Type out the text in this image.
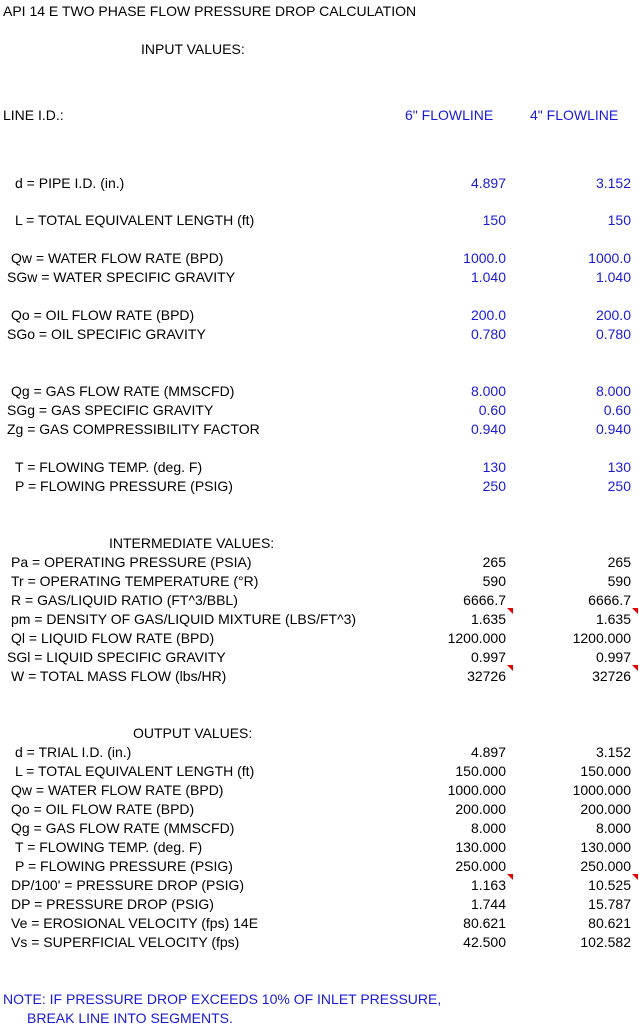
API 14 E TWO PHASE FLOW PRESSURE DROP CALCULATION
INPUT VALUES:
LINE I.D.:	6" FLOWLINE	4" FLOWLINE
d = PIPE I.D. (in.)	4.897	3.152
L = TOTAL EQUIVALENT LENGTH (ft)	150	150
Qw = WATER FLOW RATE (BPD)	1000.0	1000.0
SGw = WATER SPECIFIC GRAVITY	1.040	1.040
Qo = OIL FLOW RATE (BPD)	200.0	200.0
SGo = OIL SPECIFIC GRAVITY	0.780	0.780
Qg = GAS FLOW RATE (MMSCFD)	8.000	8.000
SGg = GAS SPECIFIC GRAVITY	0.60	0.60
Zg = GAS COMPRESSIBILITY FACTOR	0.940	0.940
T = FLOWING TEMP. (deg. F)	130	130
P = FLOWING PRESSURE (PSIG)	250	250
INTERMEDIATE VALUES:
Pa = OPERATING PRESSURE (PSIA)	265	265
Tr = OPERATING TEMPERATURE (°R)	590	590
R = GAS/LIQUID RATIO (FT^3/BBL)	6666.7	6666.7
pm = DENSITY OF GAS/LIQUID MIXTURE (LBS/FT^3)	1.635	1.635
Ql = LIQUID FLOW RATE (BPD)	1200.000	1200.000
SGl = LIQUID SPECIFIC GRAVITY	0.997	0.997
W = TOTAL MASS FLOW (lbs/HR)	32726	32726
OUTPUT VALUES:
d = TRIAL I.D. (in.)	4.897	3.152
L = TOTAL EQUIVALENT LENGTH (ft)	150.000	150.000
Qw = WATER FLOW RATE (BPD)	1000.000	1000.000
Qo = OIL FLOW RATE (BPD)	200.000	200.000
Qg = GAS FLOW RATE (MMSCFD)	8.000	8.000
T = FLOWING TEMP. (deg. F)	130.000	130.000
P = FLOWING PRESSURE (PSIG)	250.000	250.000
DP/100' = PRESSURE DROP (PSIG)	1.163	10.525
DP = PRESSURE DROP (PSIG)	1.744	15.787
Ve = EROSIONAL VELOCITY (fps) 14E	80.621	80.621
Vs = SUPERFICIAL VELOCITY (fps)	42.500	102.582
NOTE: IF PRESSURE DROP EXCEEDS 10% OF INLET PRESSURE,
BREAK LINE INTO SEGMENTS.
